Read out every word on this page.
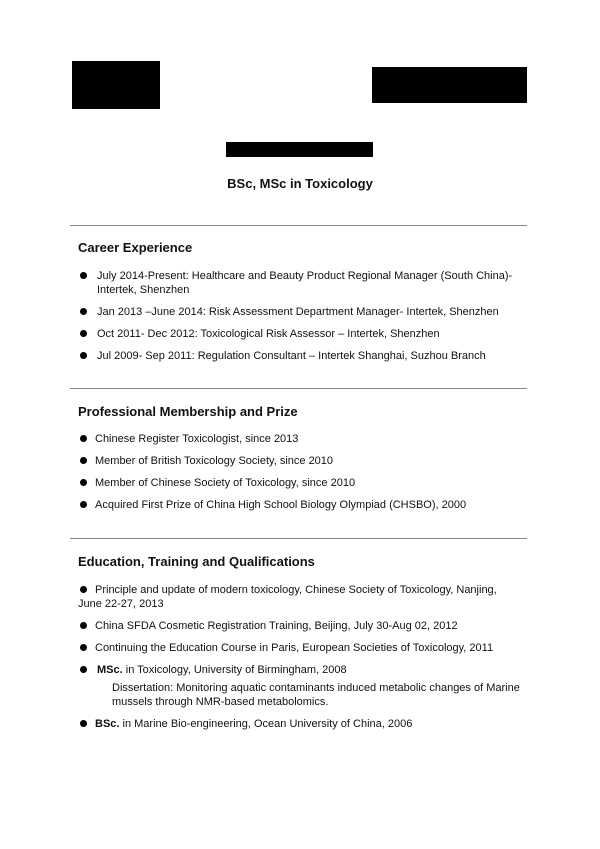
BSc, MSc in Toxicology
Career Experience
July 2014-Present: Healthcare and Beauty Product Regional Manager (South China)-
Intertek, Shenzhen
Jan 2013 –June 2014: Risk Assessment Department Manager- Intertek, Shenzhen
Oct 2011- Dec 2012: Toxicological Risk Assessor – Intertek, Shenzhen
Jul 2009- Sep 2011: Regulation Consultant – Intertek Shanghai, Suzhou Branch
Professional Membership and Prize
Chinese Register Toxicologist, since 2013
Member of British Toxicology Society, since 2010
Member of Chinese Society of Toxicology, since 2010
Acquired First Prize of China High School Biology Olympiad (CHSBO), 2000
Education, Training and Qualifications
Principle and update of modern toxicology, Chinese Society of Toxicology, Nanjing,
June 22-27, 2013
China SFDA Cosmetic Registration Training, Beijing, July 30-Aug 02, 2012
Continuing the Education Course in Paris, European Societies of Toxicology, 2011
MSc. in Toxicology, University of Birmingham, 2008
Dissertation: Monitoring aquatic contaminants induced metabolic changes of Marine
mussels through NMR-based metabolomics.
BSc. in Marine Bio-engineering, Ocean University of China, 2006
